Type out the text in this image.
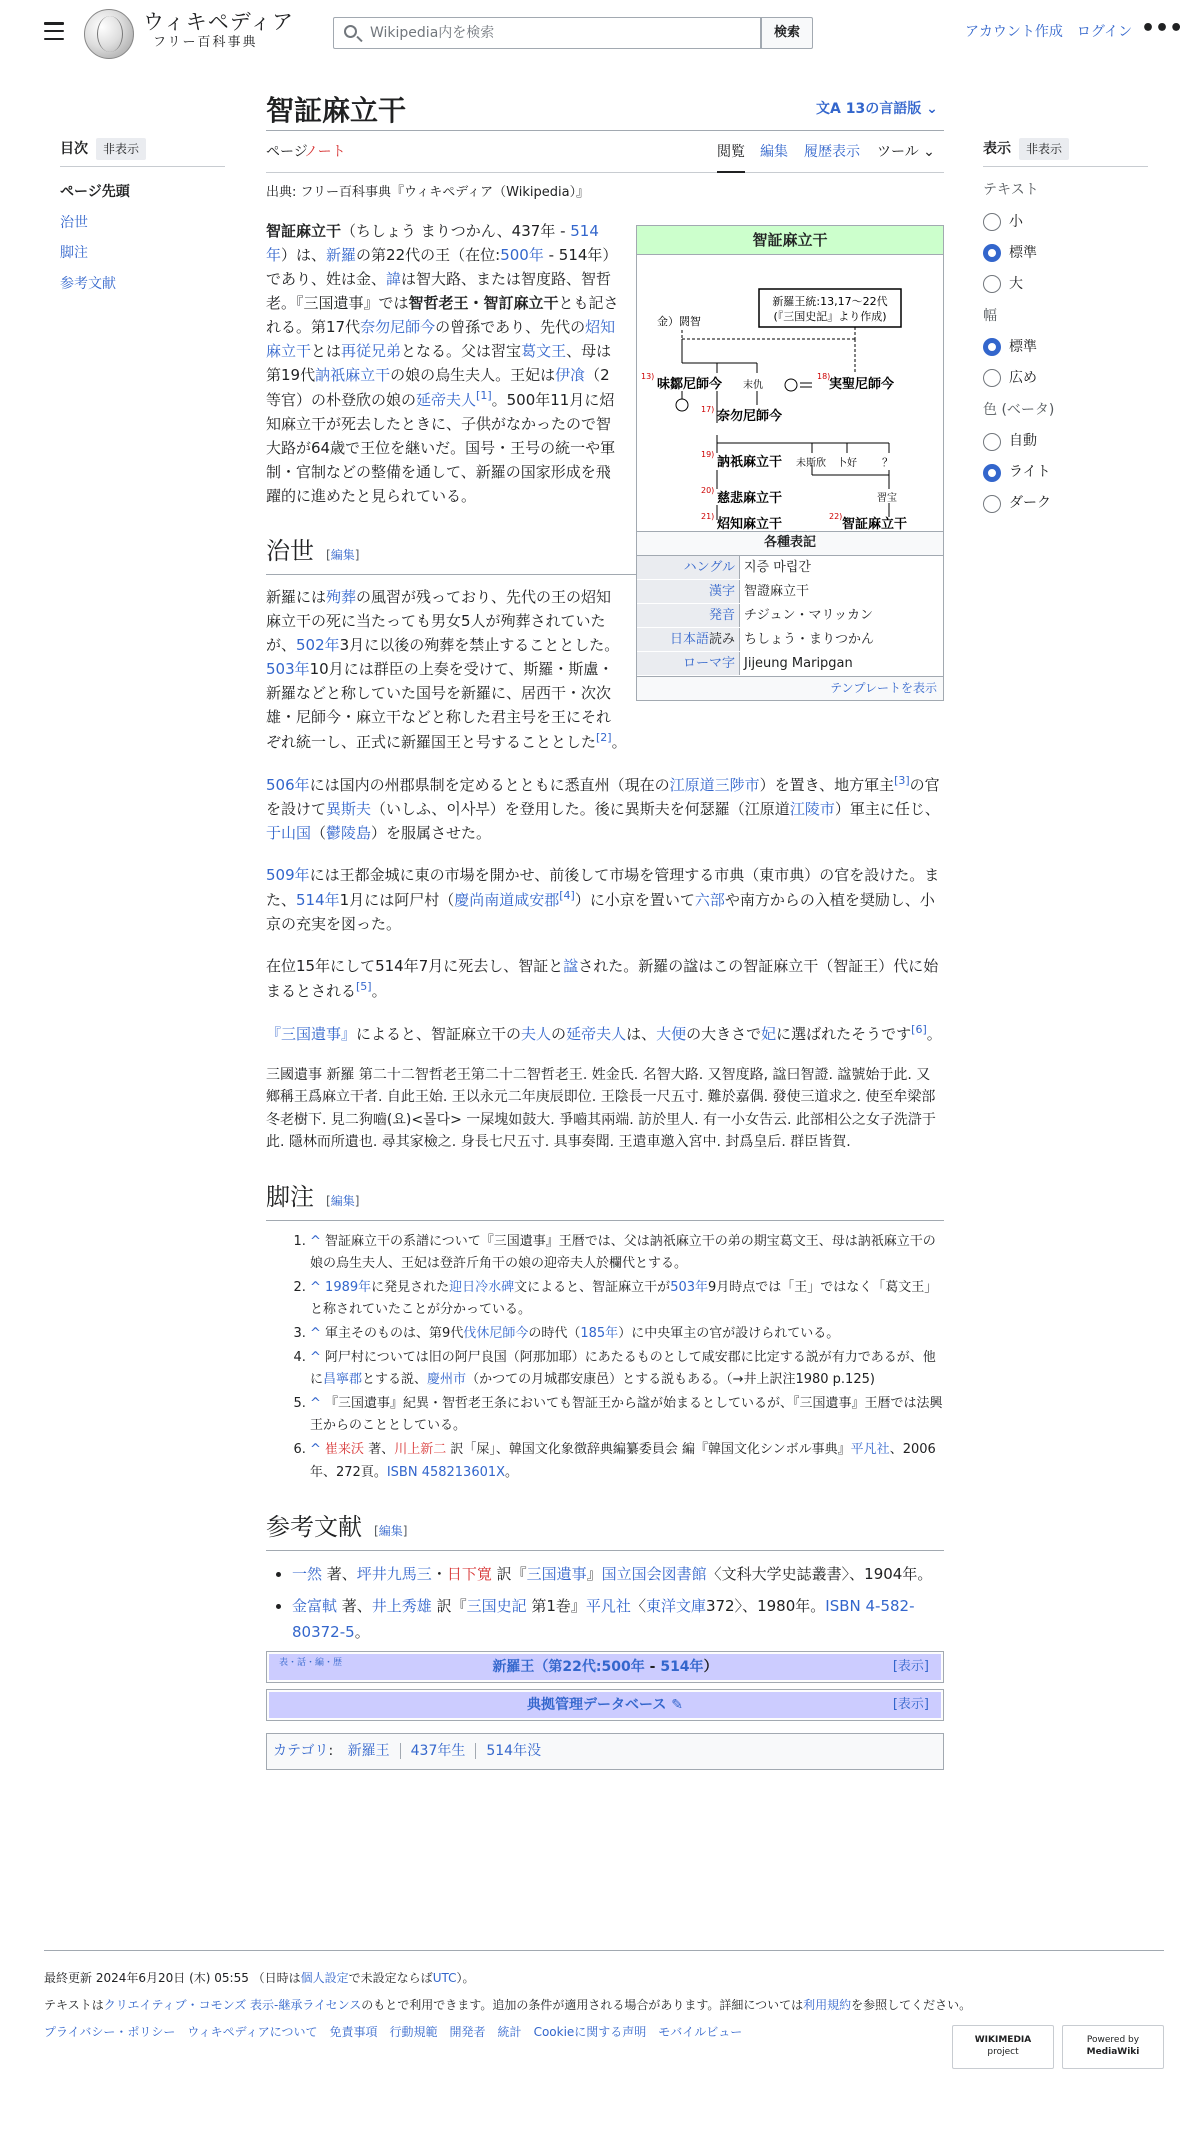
ウィキペディア
フリー百科事典
Wikipedia内を検索	検索	アカウント作成 ログイン •••
目次 非表示
ページ先頭
治世
脚注
参考文献
智証麻立干	文A 13の言語版 ⌄
ページ
ノート	閲覧 編集 履歴表示 ツール ⌄
出典: フリー百科事典『ウィキペディア（Wikipedia）』
智証麻立干
新羅王統:13,17〜22代
(『三国史記』より作成)
金）閼智
13)
味鄒尼師今 末仇
18)
実聖尼師今
17) 奈勿尼師今
19)
訥祇麻立干 未斯欣 卜好 ？
20)
慈悲麻立干	習宝
21)
炤知麻立干
22)
智証麻立干
各種表記
ハングル 지증 마립간
漢字 智證麻立干
発音 チジュン・マリッカン
日本語読み ちしょう・まりつかん
ローマ字 Jijeung Maripgan
テンプレートを表示

智証麻立干（ちしょう まりつかん、437年 - 514年）は、新羅の第22代の王（在位:500年 - 514年）であり、姓は金、諱は智大路、または智度路、智哲老。『三国遺事』では智哲老王・智訂麻立干とも記される。第17代奈勿尼師今の曾孫であり、先代の炤知麻立干とは再従兄弟となる。父は習宝葛文王、母は第19代訥祇麻立干の娘の烏生夫人。王妃は伊飡（2等官）の朴登欣の娘の延帝夫人[1]。500年11月に炤知麻立干が死去したときに、子供がなかったので智大路が64歳で王位を継いだ。国号・王号の統一や軍制・官制などの整備を通して、新羅の国家形成を飛躍的に進めたと見られている。

治世 [編集]

新羅には殉葬の風習が残っており、先代の王の炤知麻立干の死に当たっても男女5人が殉葬されていたが、502年3月に以後の殉葬を禁止することとした。503年10月には群臣の上奏を受けて、斯羅・斯盧・新羅などと称していた国号を新羅に、居西干・次次雄・尼師今・麻立干などと称した君主号を王にそれぞれ統一し、正式に新羅国王と号することとした[2]。

506年には国内の州郡県制を定めるとともに悉直州（現在の江原道三陟市）を置き、地方軍主[3]の官を設けて異斯夫（いしふ、이사부）を登用した。後に異斯夫を何瑟羅（江原道江陵市）軍主に任じ、于山国（鬱陵島）を服属させた。

509年には王都金城に東の市場を開かせ、前後して市場を管理する市典（東市典）の官を設けた。また、514年1月には阿尸村（慶尚南道咸安郡[4]）に小京を置いて六部や南方からの入植を奨励し、小京の充実を図った。

在位15年にして514年7月に死去し、智証と諡された。新羅の諡はこの智証麻立干（智証王）代に始まるとされる[5]。

『三国遺事』によると、智証麻立干の夫人の延帝夫人は、大便の大きさで妃に選ばれたそうです[6]。

三國遺事 新羅 第二十二智哲老王第二十二智哲老王. 姓金氏. 名智大路. 又智度路, 諡曰智證. 諡號始于此. 又鄉稱王爲麻立干者. 自此王始. 王以永元二年庚辰即位. 王陰長一尺五寸. 難於嘉偶. 發使三道求之. 使至牟梁部冬老樹下. 見二狗嚙(요)<몰다> 一屎塊如鼓大. 爭嚙其兩端. 訪於里人. 有一小女告云. 此部相公之女子洗滸于此. 隱林而所遺也. 尋其家檢之. 身長七尺五寸. 具事奏聞. 王遣車邀入宮中. 封爲皇后. 群臣皆賀.

脚注 [編集]
1. ^ 智証麻立干の系譜について『三国遺事』王暦では、父は訥祇麻立干の弟の期宝葛文王、母は訥祇麻立干の娘の烏生夫人、王妃は登許斤角干の娘の迎帝夫人於欄代とする。
2. ^ 1989年に発見された迎日冷水碑文によると、智証麻立干が503年9月時点では「王」ではなく「葛文王」と称されていたことが分かっている。
3. ^ 軍主そのものは、第9代伐休尼師今の時代（185年）に中央軍主の官が設けられている。
4. ^ 阿尸村については旧の阿尸良国（阿那加耶）にあたるものとして咸安郡に比定する説が有力であるが、他に昌寧郡とする説、慶州市（かつての月城郡安康邑）とする説もある。（→井上訳注1980 p.125)
5. ^ 『三国遺事』紀異・智哲老王条においても智証王から諡が始まるとしているが、『三国遺事』王暦では法興王からのこととしている。
6. ^ 崔来沃 著、川上新二 訳「屎」、韓国文化象徴辞典編纂委員会 編『韓国文化シンボル事典』平凡社、2006年、272頁。ISBN 458213601X。
参考文献 [編集]
• 一然 著、坪井九馬三・日下寛 訳『三国遺事』国立国会図書館〈文科大学史誌叢書〉、1904年。
• 金富軾 著、井上秀雄 訳『三国史記 第1巻』平凡社〈東洋文庫372〉、1980年。ISBN 4-582-80372-5。
表・話・編・歴	新羅王（第22代:500年 - 514年）	[表示]
典拠管理データベース ✎	[表示]
カテゴリ: 新羅王 437年生 514年没
表示 非表示
テキスト
小
標準
大
幅
標準
広め
色 (ベータ)
自動
ライト
ダーク

最終更新 2024年6月20日 (木) 05:55 （日時は個人設定で未設定ならばUTC）。

テキストはクリエイティブ・コモンズ 表示-継承ライセンスのもとで利用できます。追加の条件が適用される場合があります。詳細については利用規約を参照してください。

プライバシー・ポリシー ウィキペディアについて 免責事項 行動規範 開発者 統計 Cookieに関する声明 モバイルビュー
WIKIMEDIA
project
Powered by
MediaWiki
